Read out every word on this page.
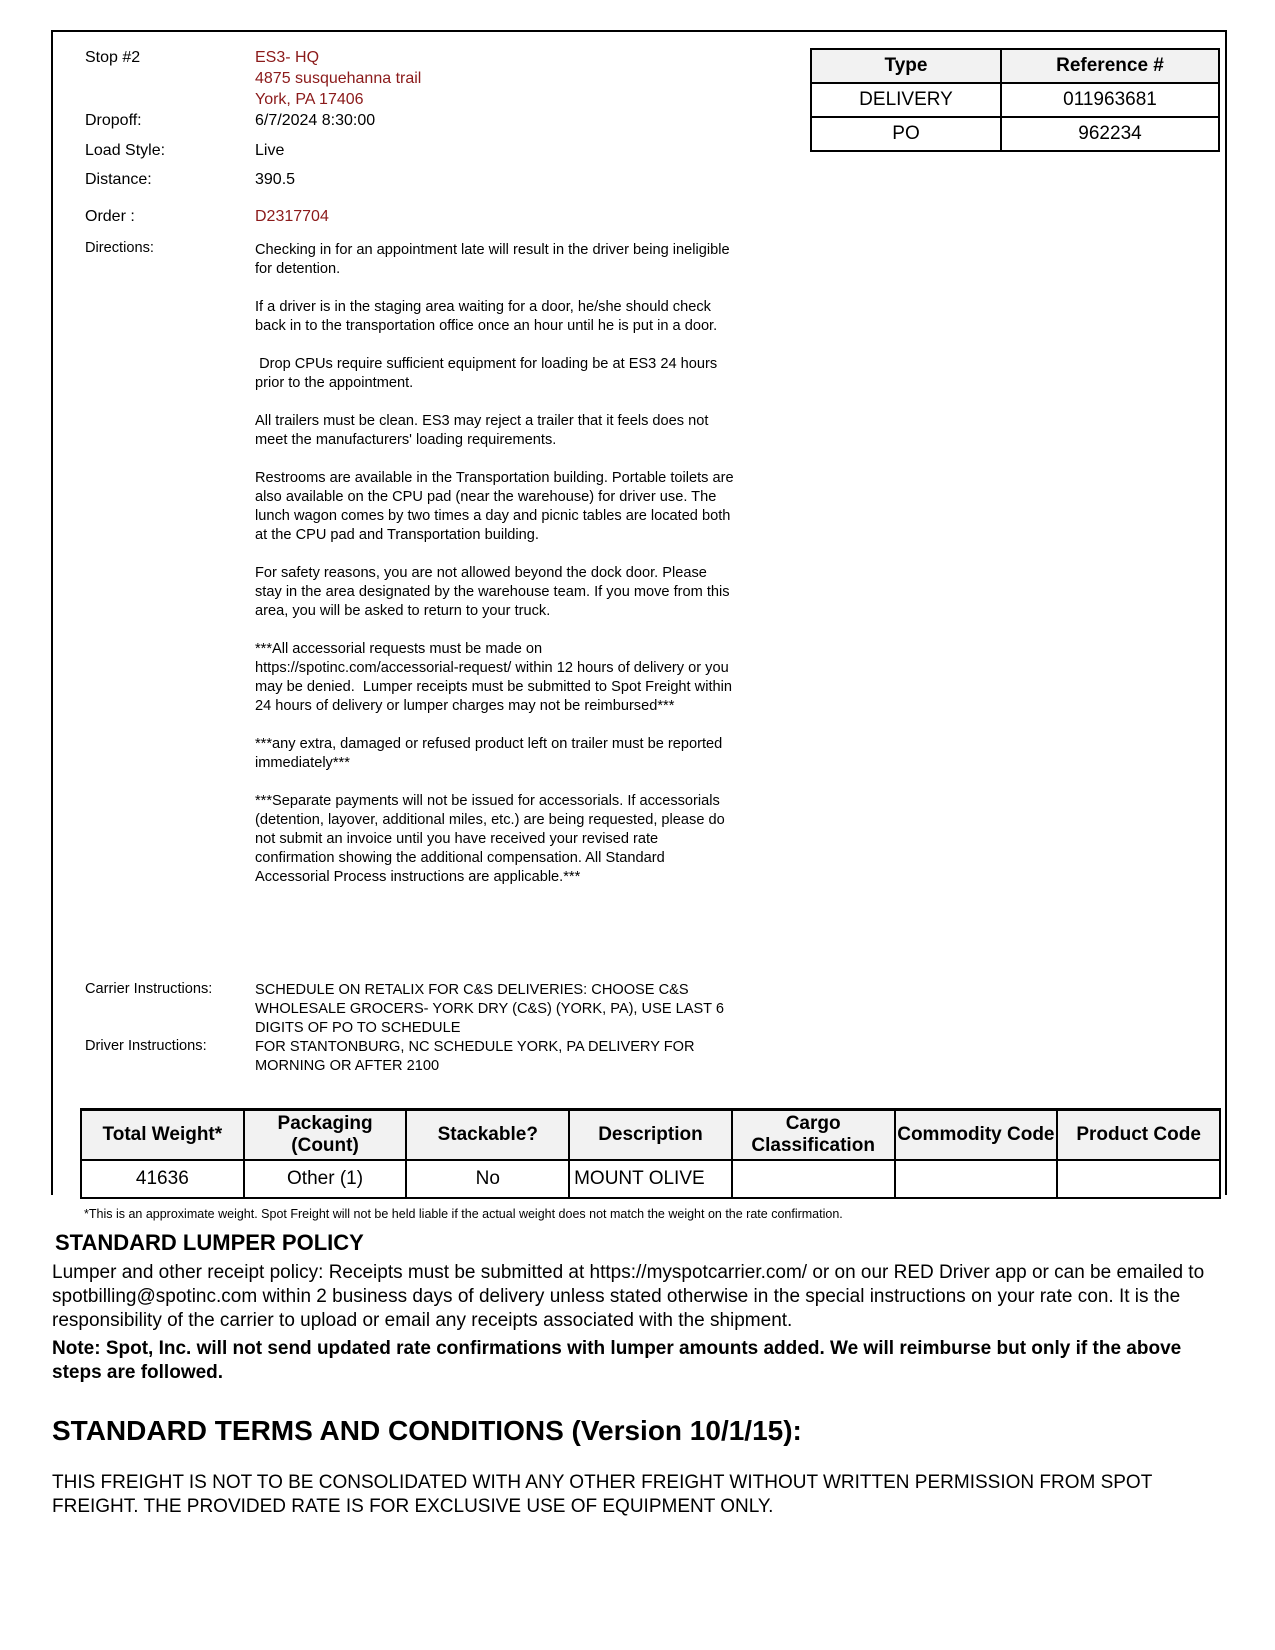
Stop #2	ES3- HQ
4875 susquehanna trail
York, PA 17406
Dropoff:	6/7/2024 8:30:00
Load Style:	Live
Distance:	390.5
Order :	D2317704
Directions:	Checking in for an appointment late will result in the driver being ineligible for detention.

If a driver is in the staging area waiting for a door, he/she should check back in to the transportation office once an hour until he is put in a door.

Drop CPUs require sufficient equipment for loading be at ES3 24 hours prior to the appointment.

All trailers must be clean. ES3 may reject a trailer that it feels does not meet the manufacturers' loading requirements.

Restrooms are available in the Transportation building. Portable toilets are also available on the CPU pad (near the warehouse) for driver use. The lunch wagon comes by two times a day and picnic tables are located both at the CPU pad and Transportation building.

For safety reasons, you are not allowed beyond the dock door. Please stay in the area designated by the warehouse team. If you move from this area, you will be asked to return to your truck.

***All accessorial requests must be made on https://spotinc.com/accessorial-request/ within 12 hours of delivery or you may be denied.  Lumper receipts must be submitted to Spot Freight within 24 hours of delivery or lumper charges may not be reimbursed***

***any extra, damaged or refused product left on trailer must be reported immediately***

***Separate payments will not be issued for accessorials. If accessorials (detention, layover, additional miles, etc.) are being requested, please do not submit an invoice until you have received your revised rate confirmation showing the additional compensation. All Standard Accessorial Process instructions are applicable.***

Carrier Instructions:	SCHEDULE ON RETALIX FOR C&S DELIVERIES: CHOOSE C&S WHOLESALE GROCERS- YORK DRY (C&S) (YORK, PA), USE LAST 6 DIGITS OF PO TO SCHEDULE
Driver Instructions:	FOR STANTONBURG, NC SCHEDULE YORK, PA DELIVERY FOR MORNING OR AFTER 2100
Type	Reference #
DELIVERY	011963681
PO	962234
Total Weight*	Packaging (Count)	Stackable?	Description	Cargo Classification	Commodity Code	Product Code
41636	Other (1)	No	MOUNT OLIVE			
*This is an approximate weight. Spot Freight will not be held liable if the actual weight does not match the weight on the rate confirmation.
STANDARD LUMPER POLICY
Lumper and other receipt policy: Receipts must be submitted at https://myspotcarrier.com/ or on our RED Driver app or can be emailed to spotbilling@spotinc.com within 2 business days of delivery unless stated otherwise in the special instructions on your rate con. It is the responsibility of the carrier to upload or email any receipts associated with the shipment.
Note: Spot, Inc. will not send updated rate confirmations with lumper amounts added. We will reimburse but only if the above steps are followed.
STANDARD TERMS AND CONDITIONS (Version 10/1/15):
THIS FREIGHT IS NOT TO BE CONSOLIDATED WITH ANY OTHER FREIGHT WITHOUT WRITTEN PERMISSION FROM SPOT FREIGHT. THE PROVIDED RATE IS FOR EXCLUSIVE USE OF EQUIPMENT ONLY.
